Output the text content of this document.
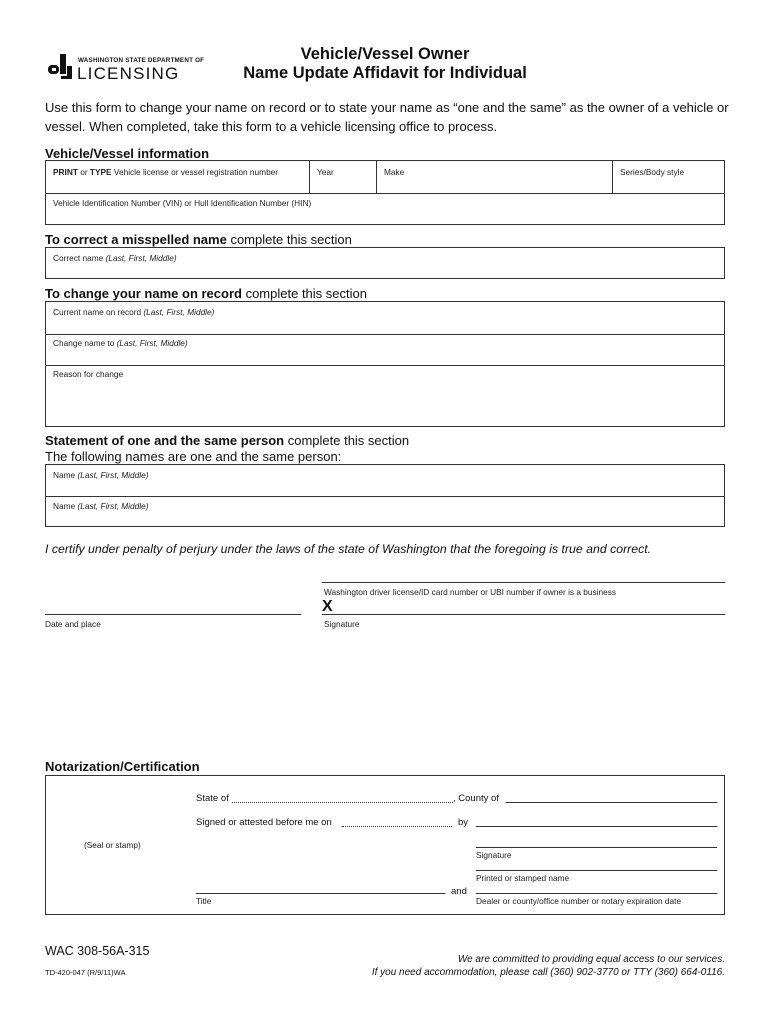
WASHINGTON STATE DEPARTMENT OF
LICENSING
Vehicle/Vessel Owner
Name Update Affidavit for Individual
Use this form to change your name on record or to state your name as “one and the same” as the owner of a vehicle or vessel. When completed, take this form to a vehicle licensing office to process.
Vehicle/Vessel information
PRINT or TYPE Vehicle license or vessel registration number	Year	Make	Series/Body style
Vehicle Identification Number (VIN) or Hull Identification Number (HIN)
To correct a misspelled name complete this section
Correct name (Last, First, Middle)
To change your name on record complete this section
Current name on record (Last, First, Middle)
Change name to (Last, First, Middle)
Reason for change
Statement of one and the same person complete this section
The following names are one and the same person:
Name (Last, First, Middle)
Name (Last, First, Middle)
I certify under penalty of perjury under the laws of the state of Washington that the foregoing is true and correct.
Washington driver license/ID card number or UBI number if owner is a business
X
Date and place	Signature
Notarization/Certification
State of	, County of
Signed or attested before me on	by
(Seal or stamp)
Signature
Printed or stamped name
and
Title	Dealer or county/office number or notary expiration date
WAC 308-56A-315
TD-420-047 (R/9/11)WA
We are committed to providing equal access to our services.
If you need accommodation, please call (360) 902-3770 or TTY (360) 664-0116.
